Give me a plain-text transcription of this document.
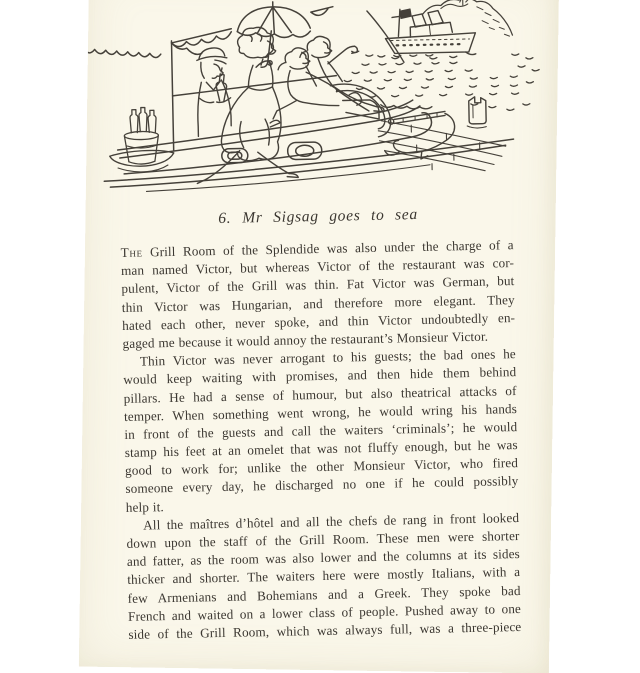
6. Mr Sigsag goes to sea
The Grill Room of the Splendide was also under the charge of a
man named Victor, but whereas Victor of the restaurant was cor-
pulent, Victor of the Grill was thin. Fat Victor was German, but
thin Victor was Hungarian, and therefore more elegant. They
hated each other, never spoke, and thin Victor undoubtedly en-
gaged me because it would annoy the restaurant’s Monsieur Victor.
Thin Victor was never arrogant to his guests; the bad ones he
would keep waiting with promises, and then hide them behind
pillars. He had a sense of humour, but also theatrical attacks of
temper. When something went wrong, he would wring his hands
in front of the guests and call the waiters ‘criminals’; he would
stamp his feet at an omelet that was not fluffy enough, but he was
good to work for; unlike the other Monsieur Victor, who fired
someone every day, he discharged no one if he could possibly
help it.
All the maîtres d’hôtel and all the chefs de rang in front looked
down upon the staff of the Grill Room. These men were shorter
and fatter, as the room was also lower and the columns at its sides
thicker and shorter. The waiters here were mostly Italians, with a
few Armenians and Bohemians and a Greek. They spoke bad
French and waited on a lower class of people. Pushed away to one
side of the Grill Room, which was always full, was a three-piece
